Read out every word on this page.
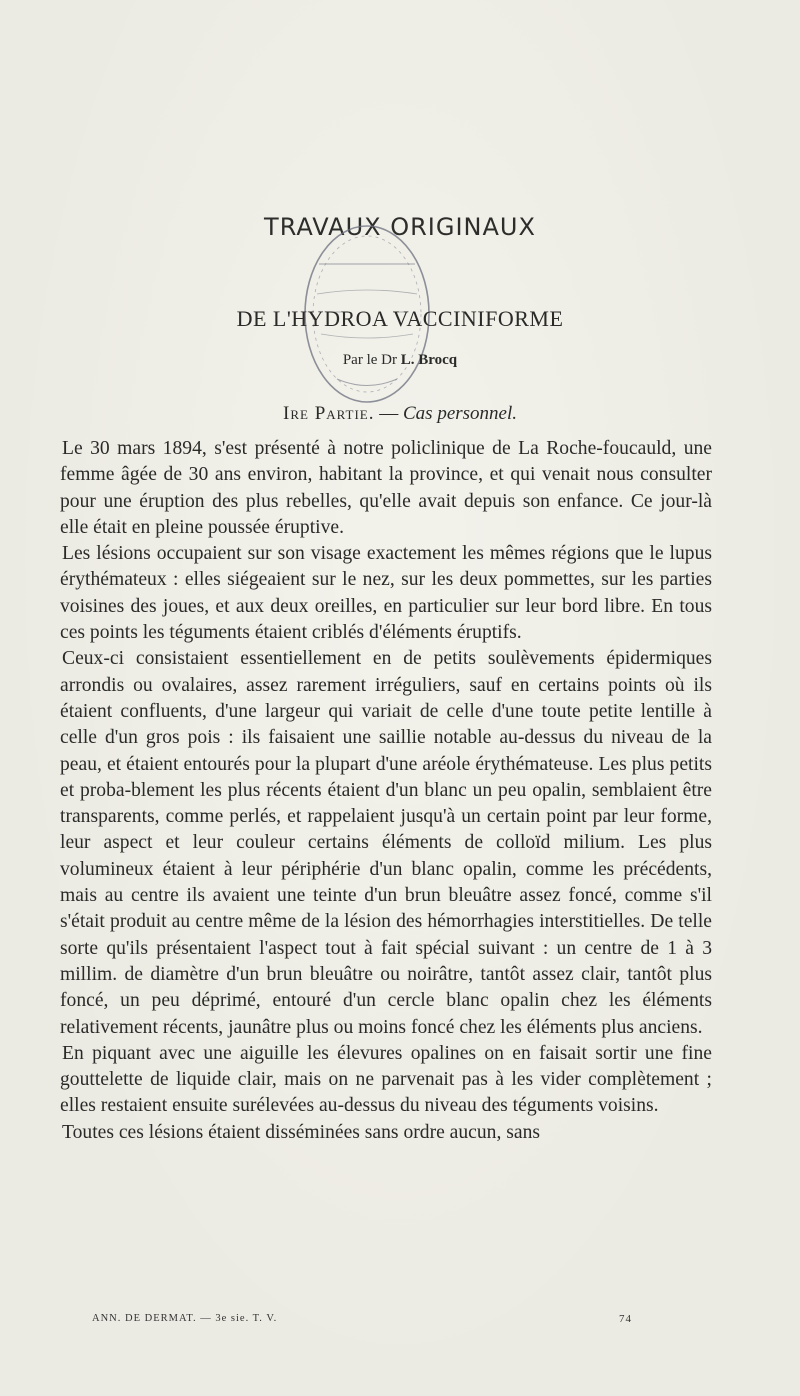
TRAVAUX ORIGINAUX
DE L'HYDROA VACCINIFORME
Par le Dr L. Brocq
Ire Partie. — Cas personnel.

Le 30 mars 1894, s'est présenté à notre policlinique de La Roche-foucauld, une femme âgée de 30 ans environ, habitant la province, et qui venait nous consulter pour une éruption des plus rebelles, qu'elle avait depuis son enfance. Ce jour-là elle était en pleine poussée éruptive.

Les lésions occupaient sur son visage exactement les mêmes régions que le lupus érythémateux : elles siégeaient sur le nez, sur les deux pommettes, sur les parties voisines des joues, et aux deux oreilles, en particulier sur leur bord libre. En tous ces points les téguments étaient criblés d'éléments éruptifs.

Ceux-ci consistaient essentiellement en de petits soulèvements épidermiques arrondis ou ovalaires, assez rarement irréguliers, sauf en certains points où ils étaient confluents, d'une largeur qui variait de celle d'une toute petite lentille à celle d'un gros pois : ils faisaient une saillie notable au-dessus du niveau de la peau, et étaient entourés pour la plupart d'une aréole érythémateuse. Les plus petits et proba-blement les plus récents étaient d'un blanc un peu opalin, semblaient être transparents, comme perlés, et rappelaient jusqu'à un certain point par leur forme, leur aspect et leur couleur certains éléments de colloïd milium. Les plus volumineux étaient à leur périphérie d'un blanc opalin, comme les précédents, mais au centre ils avaient une teinte d'un brun bleuâtre assez foncé, comme s'il s'était produit au centre même de la lésion des hémorrhagies interstitielles. De telle sorte qu'ils présentaient l'aspect tout à fait spécial suivant : un centre de 1 à 3 millim. de diamètre d'un brun bleuâtre ou noirâtre, tantôt assez clair, tantôt plus foncé, un peu déprimé, entouré d'un cercle blanc opalin chez les éléments relativement récents, jaunâtre plus ou moins foncé chez les éléments plus anciens.

En piquant avec une aiguille les élevures opalines on en faisait sortir une fine gouttelette de liquide clair, mais on ne parvenait pas à les vider complètement ; elles restaient ensuite surélevées au-dessus du niveau des téguments voisins.

Toutes ces lésions étaient disséminées sans ordre aucun, sans

ANN. DE DERMAT. — 3e sie. T. V.	74
